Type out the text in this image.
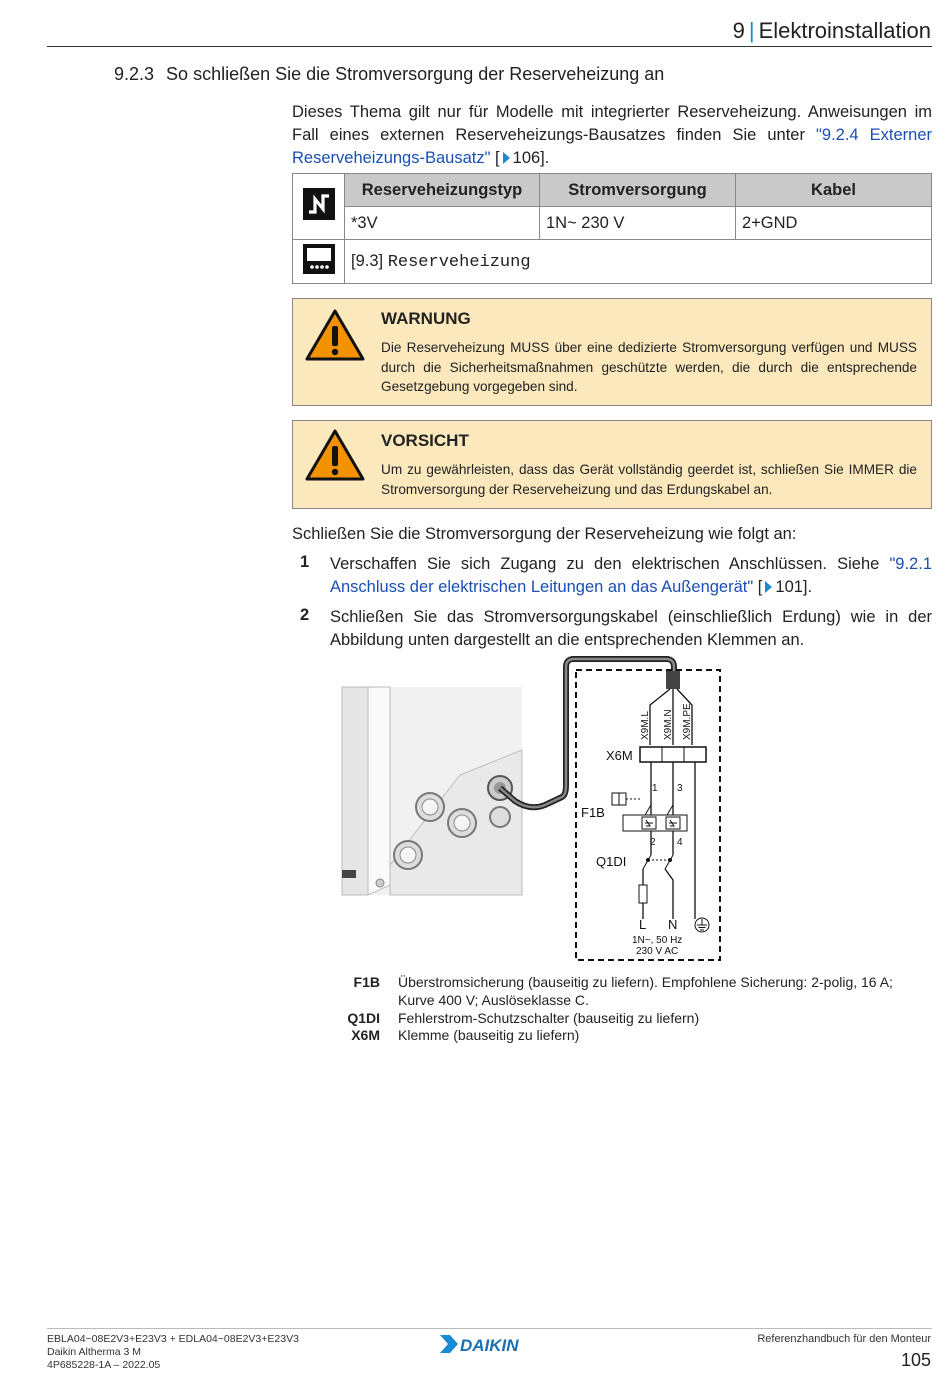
9 | Elektroinstallation
9.2.3 So schließen Sie die Stromversorgung der Reserveheizung an
Dieses Thema gilt nur für Modelle mit integrierter Reserveheizung. Anweisungen im Fall eines externen Reserveheizungs-Bausatzes finden Sie unter "9.2.4 Externer Reserveheizungs-Bausatz" [ 106].
	Reserveheizungstyp	Stromversorgung	Kabel
	*3V	1N~ 230 V	2+GND
	[9.3] Reserveheizung		
WARNUNG
Die Reserveheizung MUSS über eine dedizierte Stromversorgung verfügen und MUSS durch die Sicherheitsmaßnahmen geschützte werden, die durch die entsprechende Gesetzgebung vorgegeben sind.
VORSICHT
Um zu gewährleisten, dass das Gerät vollständig geerdet ist, schließen Sie IMMER die Stromversorgung der Reserveheizung und das Erdungskabel an.
Schließen Sie die Stromversorgung der Reserveheizung wie folgt an:
1 Verschaffen Sie sich Zugang zu den elektrischen Anschlüssen. Siehe "9.2.1 Anschluss der elektrischen Leitungen an das Außengerät" [ 101].
2 Schließen Sie das Stromversorgungskabel (einschließlich Erdung) wie in der Abbildung unten dargestellt an die entsprechenden Klemmen an.
X9M.L X9M.N X9M.PE
X6M
1 3
F1B
2 4
Q1DI
L N
1N~, 50 Hz
230 V AC
F1B Überstromsicherung (bauseitig zu liefern). Empfohlene Sicherung: 2-polig, 16 A; Kurve 400 V; Auslöseklasse C.
Q1DI Fehlerstrom-Schutzschalter (bauseitig zu liefern)
X6M Klemme (bauseitig zu liefern)
EBLA04~08E2V3+E23V3 + EDLA04~08E2V3+E23V3
Daikin Altherma 3 M
4P685228-1A – 2022.05
DAIKIN	Referenzhandbuch für den Monteur
105
